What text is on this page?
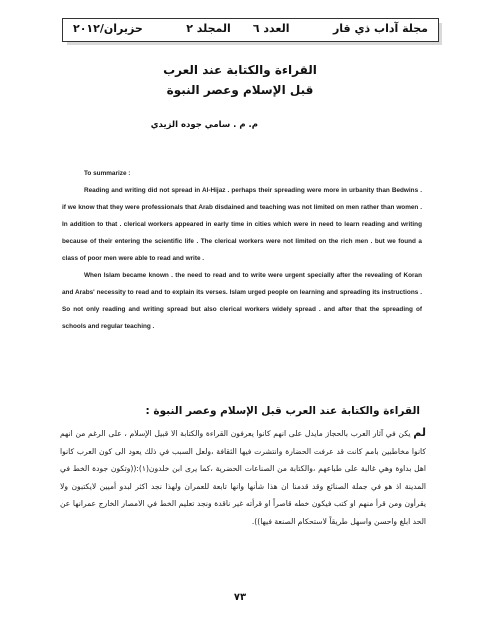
مجلة آداب ذي قار
العدد ٦
المجلد ٢
حزيران/٢٠١٢
القراءة والكتابة عند العرب
قبل الإسلام وعصر النبوة
م. م . سامي جوده الزيدي
To summarize :
Reading and writing did not spread in Al-Hijaz . perhaps their spreading were more in urbanity than Bedwins . if we know that they were professionals that Arab disdained and teaching was not limited on men rather than women . In addition to that . clerical workers appeared in early time in cities which were in need to learn reading and writing because of their entering the scientific life . The clerical workers were not limited on the rich men . but we found a class of poor men were able to read and write .
When Islam became known . the need to read and to write were urgent specially after the revealing of Koran and Arabs' necessity to read and to explain its verses. Islam urged people on learning and spreading its instructions . So not only reading and writing spread but also clerical workers widely spread . and after that the spreading of schools and regular teaching .
القراءة والكتابة عند العرب قبل الإسلام وعصر النبوة :
لم يكن في آثار العرب بالحجاز مايدل على انهم كانوا يعرفون القراءة والكتابة الا قبيل الإسلام ، على الرغم من انهم كانوا مخاطبين بامم كانت قد عرفت الحضارة وانتشرت فيها الثقافة ،ولعل السبب في ذلك يعود الى كون العرب كانوا اهل بداوة وهي غالبة على طباعهم ،والكتابة من الصناعات الحضرية ،كما يرى ابن خلدون(١):((وتكون جودة الخط في المدينة اذ هو في جملة الصنائع وقد قدمنا ان هذا شأنها وانها تابعة للعمران ولهذا نجد اكثر لبدو أميين لايكتبون ولا يقرأون ومن قرأ منهم او كتب فيكون خطه قاصراً او قرأته غير ناقدة ونجد تعليم الخط في الامصار الخارج عمرانها عن الحد ابلغ واحسن واسهل طريقاً لاستحكام الصنعة فيها)).
٧٣
